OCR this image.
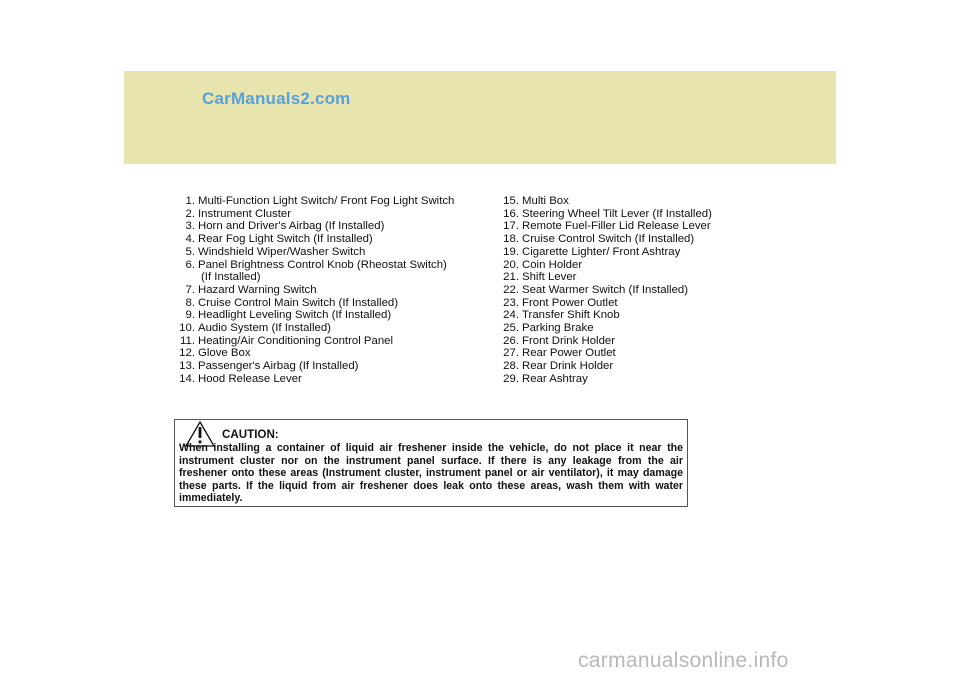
CarManuals2.com
1. Multi-Function Light Switch/ Front Fog Light Switch
2. Instrument Cluster
3. Horn and Driver's Airbag (If Installed)
4. Rear Fog Light Switch (If Installed)
5. Windshield Wiper/Washer Switch
6. Panel Brightness Control Knob (Rheostat Switch)
(If Installed)
7. Hazard Warning Switch
8. Cruise Control Main Switch (If Installed)
9. Headlight Leveling Switch (If Installed)
10. Audio System (If Installed)
11. Heating/Air Conditioning Control Panel
12. Glove Box
13. Passenger's Airbag (If Installed)
14. Hood Release Lever
15. Multi Box
16. Steering Wheel Tilt Lever (If Installed)
17. Remote Fuel-Filler Lid Release Lever
18. Cruise Control Switch (If Installed)
19. Cigarette Lighter/ Front Ashtray
20. Coin Holder
21. Shift Lever
22. Seat Warmer Switch (If Installed)
23. Front Power Outlet
24. Transfer Shift Knob
25. Parking Brake
26. Front Drink Holder
27. Rear Power Outlet
28. Rear Drink Holder
29. Rear Ashtray
CAUTION:

When installing a container of liquid air freshener inside the vehicle, do not place it near the instrument cluster nor on the instrument panel surface. If there is any leakage from the air freshener onto these areas (Instrument cluster, instrument panel or air ventilator), it may damage these parts. If the liquid from air freshener does leak onto these areas, wash them with water immediately.

carmanualsonline.info
